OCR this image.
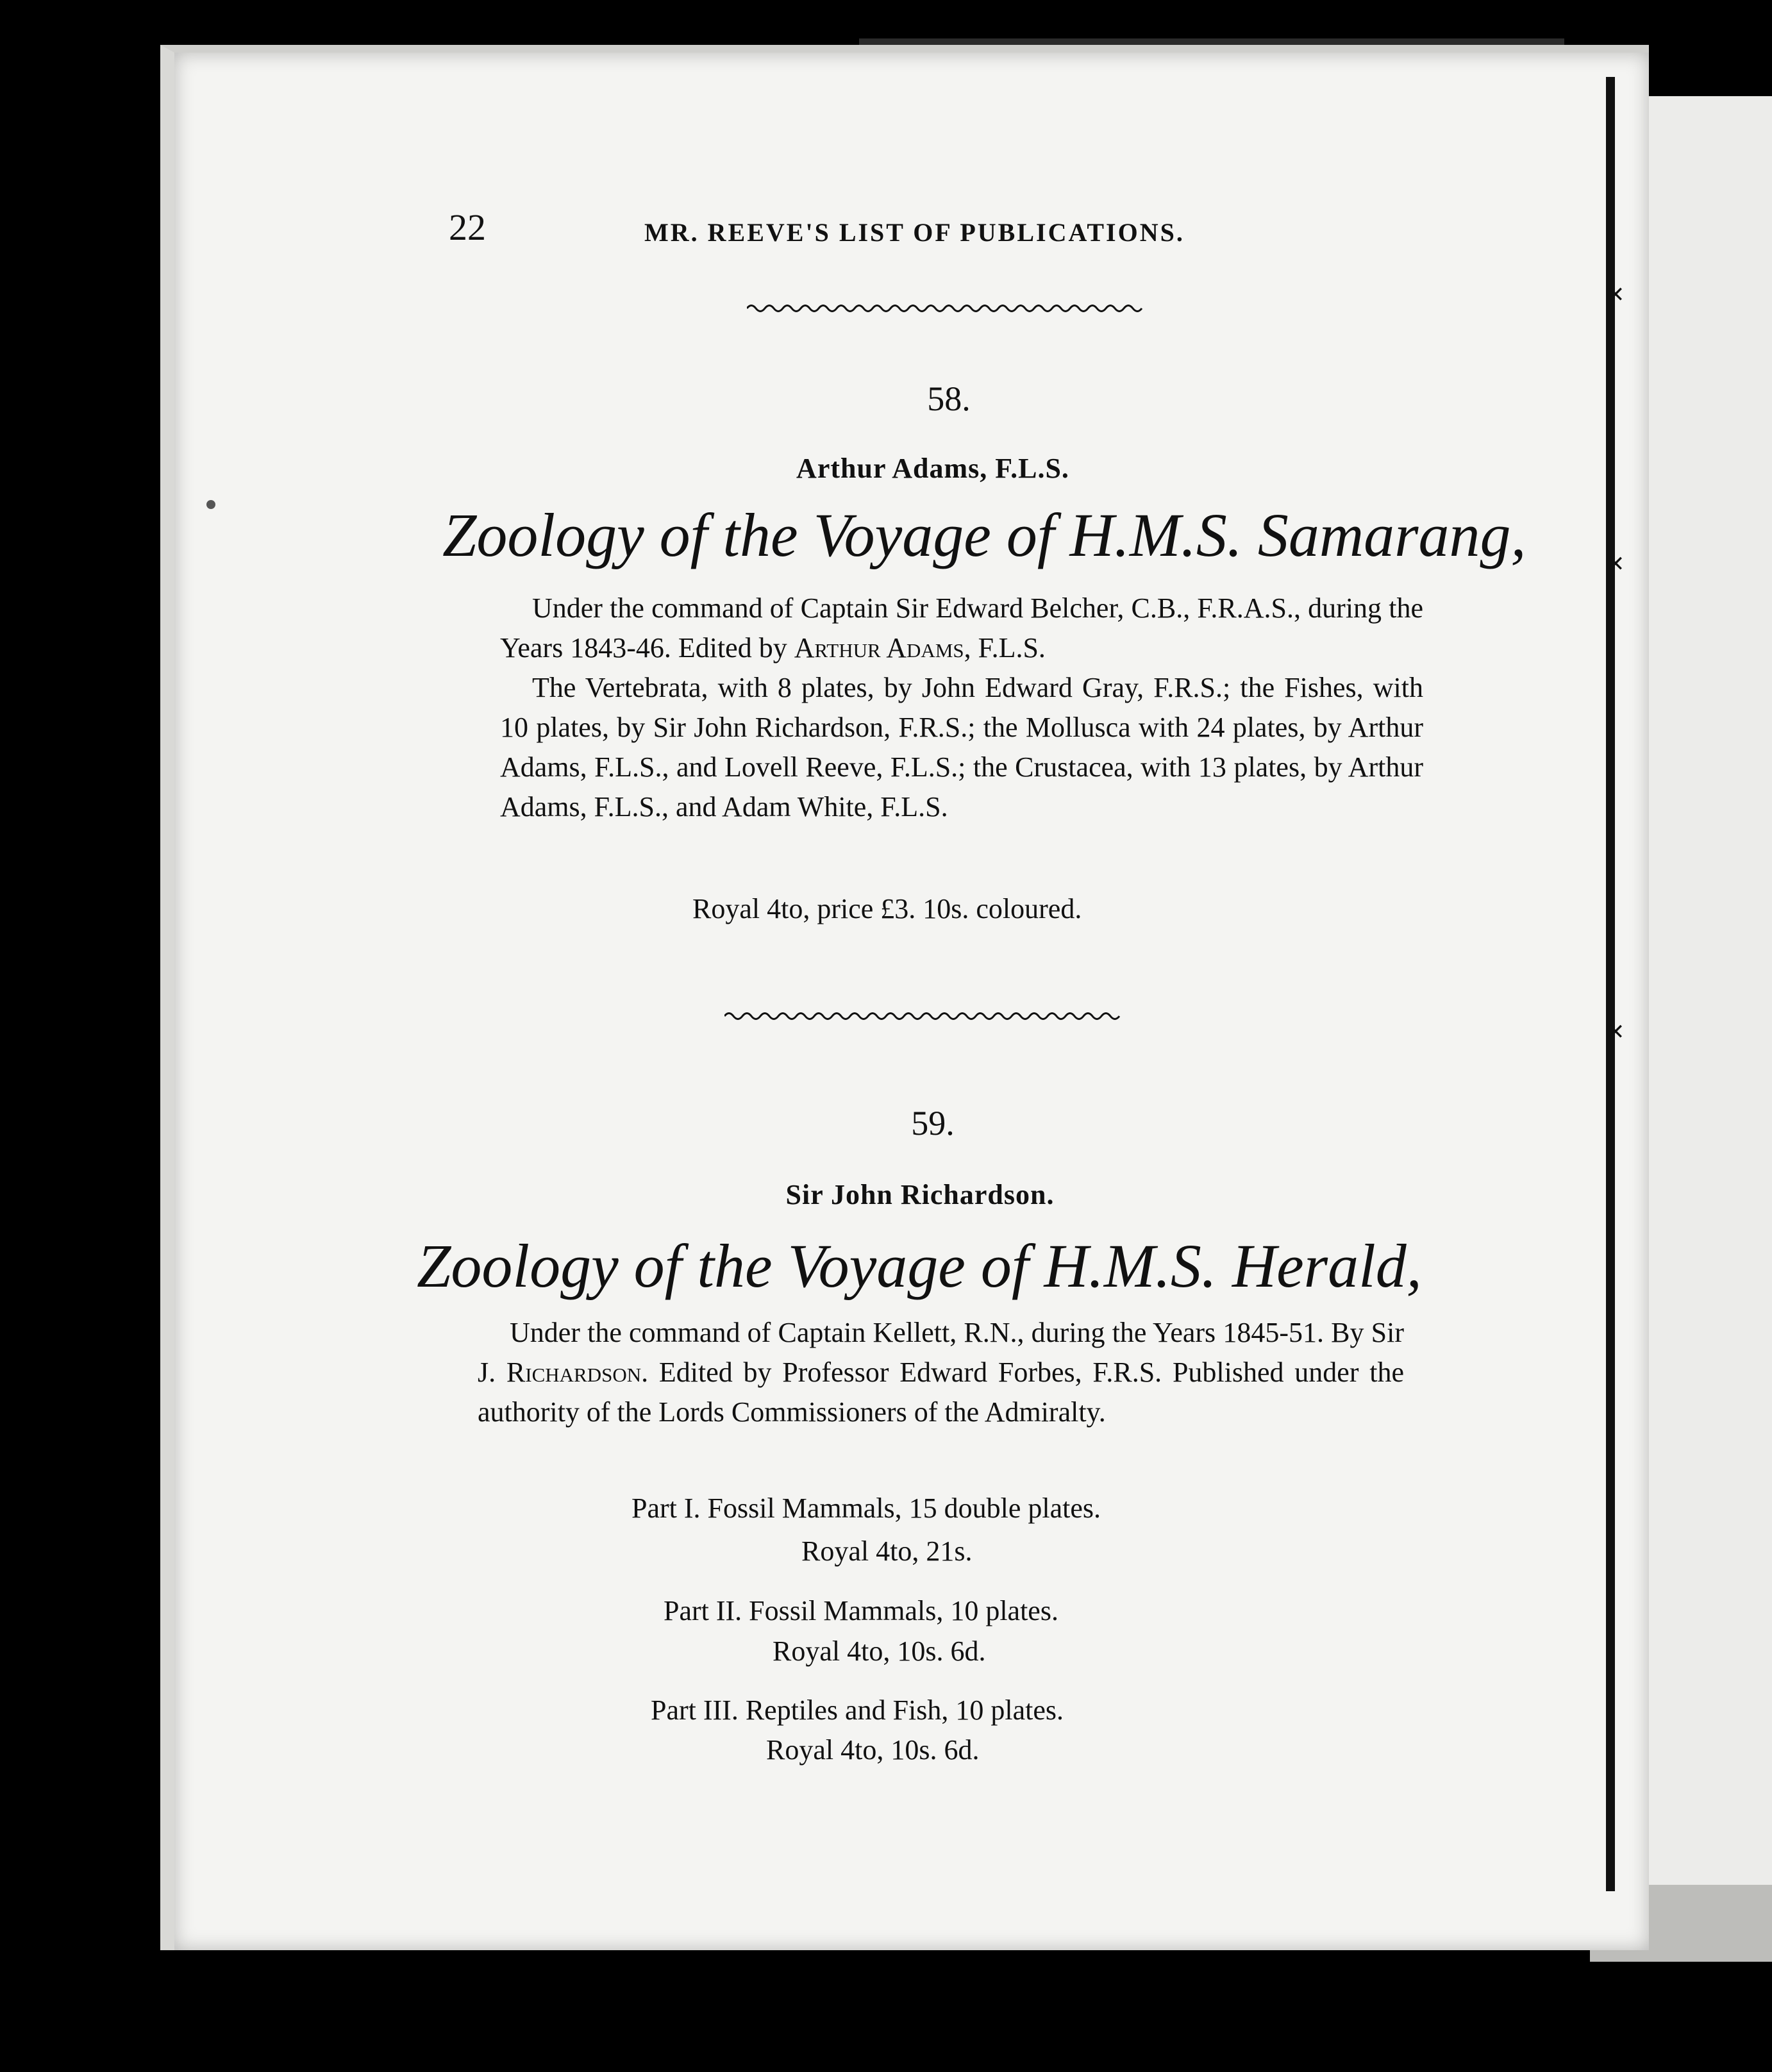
✕
✕
✕
22	MR. REEVE'S LIST OF PUBLICATIONS.
58.
Arthur Adams, F.L.S.
Zoology of the Voyage of H.M.S. Samarang,

Under the command of Captain Sir Edward Belcher, C.B., F.R.A.S., during the Years 1843-46. Edited by Arthur Adams, F.L.S.

The Vertebrata, with 8 plates, by John Edward Gray, F.R.S.; the Fishes, with 10 plates, by Sir John Richardson, F.R.S.; the Mollusca with 24 plates, by Arthur Adams, F.L.S., and Lovell Reeve, F.L.S.; the Crustacea, with 13 plates, by Arthur Adams, F.L.S., and Adam White, F.L.S.

Royal 4to, price £3. 10s. coloured.
59.
Sir John Richardson.
Zoology of the Voyage of H.M.S. Herald,

Under the command of Captain Kellett, R.N., during the Years 1845-51. By Sir J. Richardson. Edited by Professor Edward Forbes, F.R.S. Published under the authority of the Lords Commissioners of the Admiralty.

Part I. Fossil Mammals, 15 double plates.
Royal 4to, 21s.
Part II. Fossil Mammals, 10 plates.
Royal 4to, 10s. 6d.
Part III. Reptiles and Fish, 10 plates.
Royal 4to, 10s. 6d.
